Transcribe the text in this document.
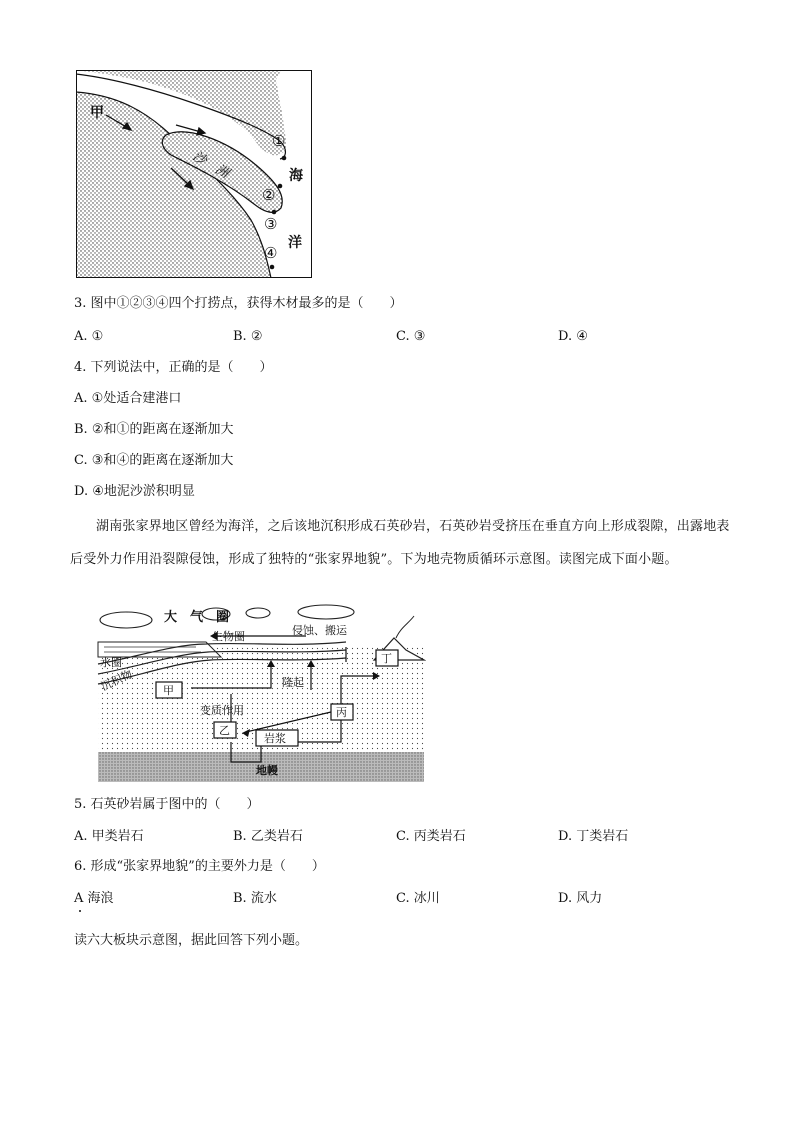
甲
沙　洲
①
②
③
④
海
洋
3. 图中①②③④四个打捞点，获得木材最多的是（　　）
A. ①	B. ②	C. ③	D. ④
4. 下列说法中，正确的是（　　）
A. ①处适合建港口
B. ②和①的距离在逐渐加大
C. ③和④的距离在逐渐加大
D. ④地泥沙淤积明显
湖南张家界地区曾经为海洋，之后该地沉积形成石英砂岩，石英砂岩受挤压在垂直方向上形成裂隙，出露地表后受外力作用沿裂隙侵蚀，形成了独特的“张家界地貌”。下为地壳物质循环示意图。读图完成下面小题。
大　气　圈
生物圈	侵蚀、搬运
水圈
沉积物	隆起
变质作用
甲
乙
岩浆
丙
丁
地幔
5. 石英砂岩属于图中的（　　）
A. 甲类岩石	B. 乙类岩石	C. 丙类岩石	D. 丁类岩石
6. 形成“张家界地貌”的主要外力是（　　）
A 海浪	B. 流水	C. 冰川	D. 风力
读六大板块示意图，据此回答下列小题。
